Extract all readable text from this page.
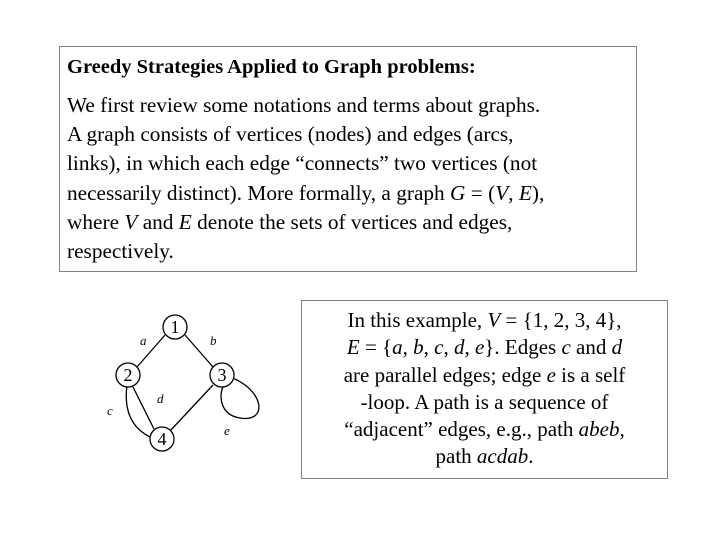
Greedy Strategies Applied to Graph problems:
We first review some notations and terms about graphs.
A graph consists of vertices (nodes) and edges (arcs,
links), in which each edge “connects” two vertices (not
necessarily distinct). More formally, a graph G = (V, E),
where V and E denote the sets of vertices and edges,
respectively.
1
2	3
4
a	b
c
d
e
In this example, V = {1, 2, 3, 4},
E = {a, b, c, d, e}. Edges c and d
are parallel edges; edge e is a self
-loop. A path is a sequence of
“adjacent” edges, e.g., path abeb,
path acdab.
